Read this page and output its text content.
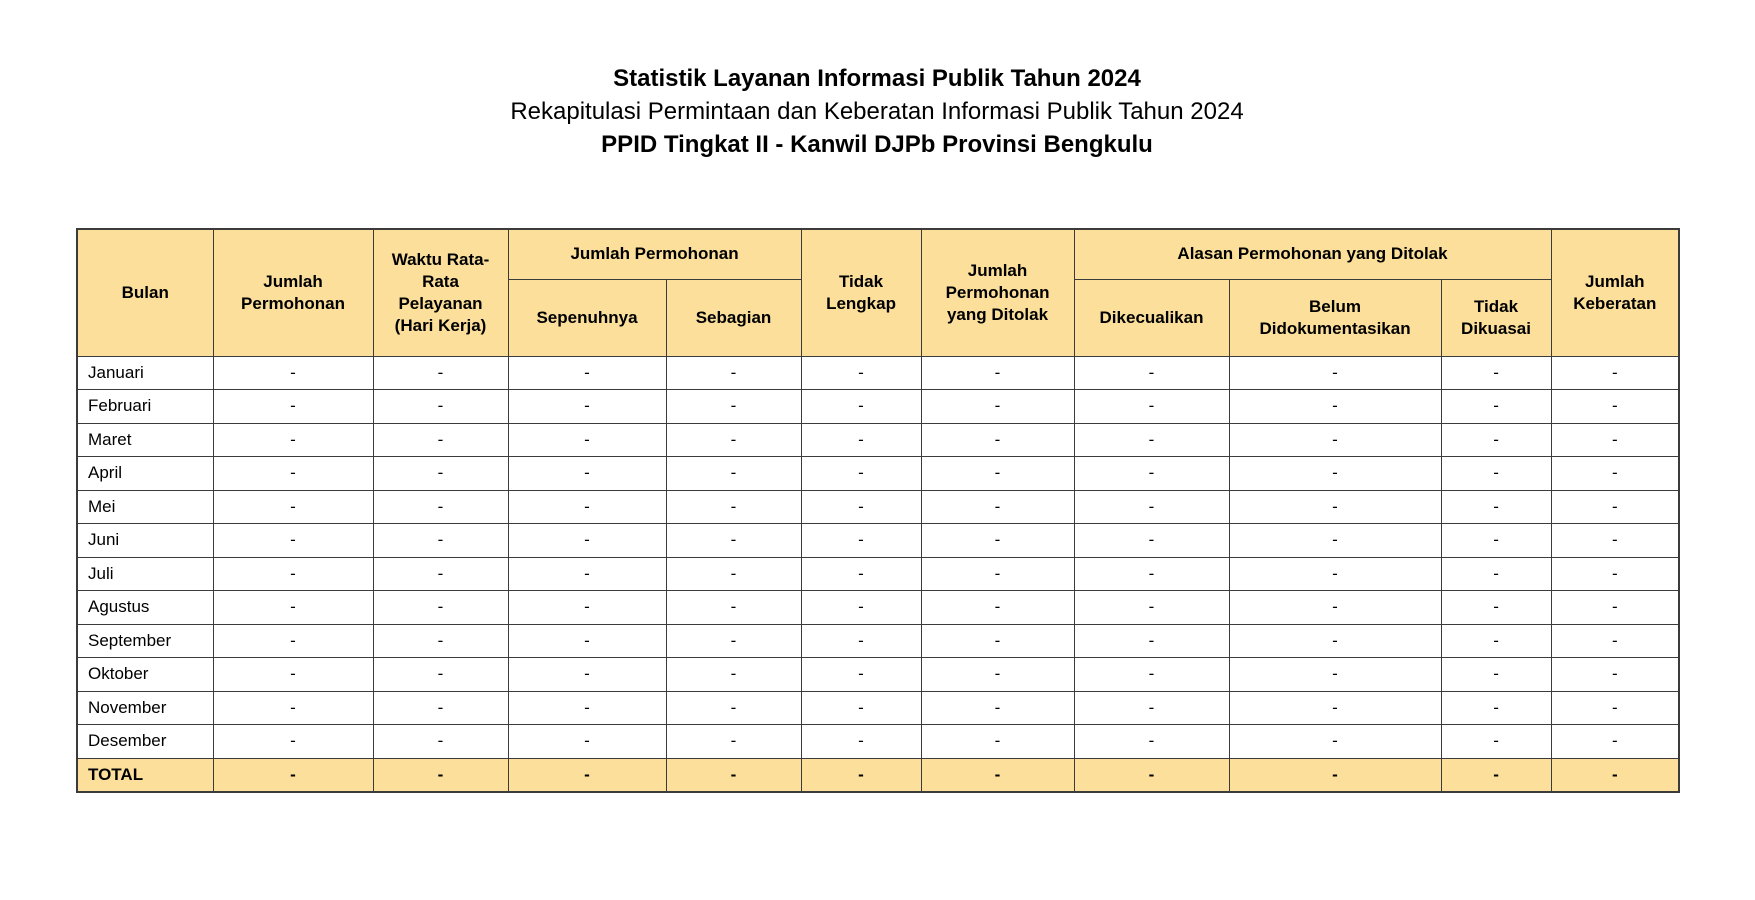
Statistik Layanan Informasi Publik Tahun 2024
Rekapitulasi Permintaan dan Keberatan Informasi Publik Tahun 2024
PPID Tingkat II - Kanwil DJPb Provinsi Bengkulu
Bulan	Jumlah Permohonan	Waktu Rata-Rata Pelayanan (Hari Kerja)	Jumlah Permohonan		Tidak Lengkap	Jumlah Permohonan yang Ditolak	Alasan Permohonan yang Ditolak			Jumlah Keberatan
			Sepenuhnya	Sebagian			Dikecualikan	Belum Didokumentasikan	Tidak Dikuasai	
Januari	-	-	-	-	-	-	-	-	-	-
Februari	-	-	-	-	-	-	-	-	-	-
Maret	-	-	-	-	-	-	-	-	-	-
April	-	-	-	-	-	-	-	-	-	-
Mei	-	-	-	-	-	-	-	-	-	-
Juni	-	-	-	-	-	-	-	-	-	-
Juli	-	-	-	-	-	-	-	-	-	-
Agustus	-	-	-	-	-	-	-	-	-	-
September	-	-	-	-	-	-	-	-	-	-
Oktober	-	-	-	-	-	-	-	-	-	-
November	-	-	-	-	-	-	-	-	-	-
Desember	-	-	-	-	-	-	-	-	-	-
TOTAL	-	-	-	-	-	-	-	-	-	-
